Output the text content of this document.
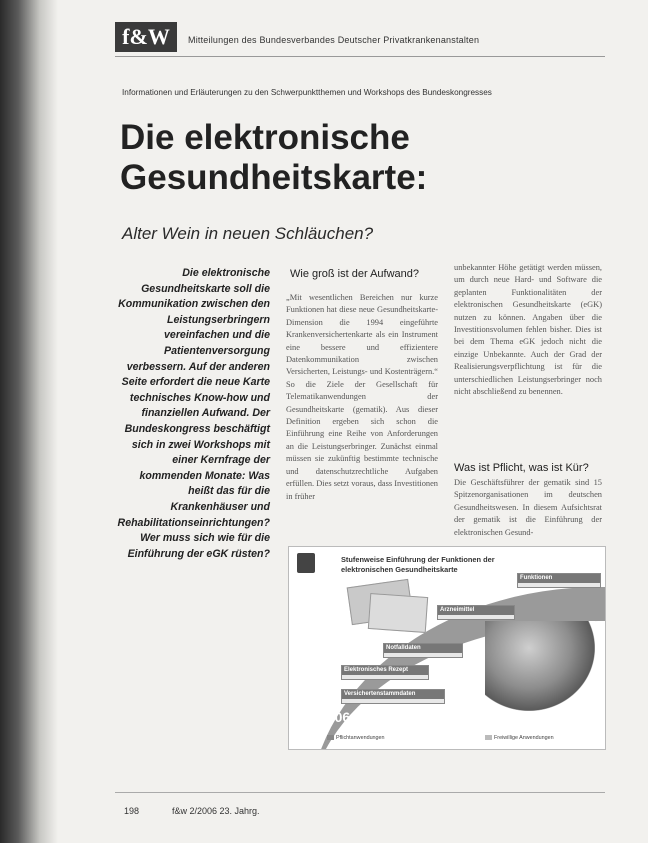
f&W	Mitteilungen des Bundesverbandes Deutscher Privatkrankenanstalten
Informationen und Erläuterungen zu den Schwerpunktthemen und Workshops des Bundeskongresses
Die elektronische Gesundheitskarte:
Alter Wein in neuen Schläuchen?

Die elektronische Gesundheitskarte soll die Kommunikation zwischen den Leistungserbringern vereinfachen und die Patientenversorgung verbessern. Auf der anderen Seite erfordert die neue Karte technisches Know-how und finanziellen Aufwand. Der Bundeskongress beschäftigt sich in zwei Workshops mit einer Kernfrage der kommenden Monate: Was heißt das für die Krankenhäuser und Rehabilitationseinrichtungen? Wer muss sich wie für die Einführung der eGK rüsten?

Wie groß ist der Aufwand?

„Mit wesentlichen Bereichen nur kurze Funktionen hat diese neue Gesundheitskarte-Dimension die 1994 eingeführte Krankenversichertenkarte als ein Instrument eine bessere und effizientere Datenkommunikation zwischen Versicherten, Leistungs- und Kostenträgern.“ So die Ziele der Gesellschaft für Telematikanwendungen der Gesundheitskarte (gematik). Aus dieser Definition ergeben sich schon die Einführung eine Reihe von Anforderungen an die Leistungserbringer. Zunächst einmal müssen sie zukünftig bestimmte technische und datenschutzrechtliche Aufgaben erfüllen. Dies setzt voraus, dass Investitionen in früher

unbekannter Höhe getätigt werden müssen, um durch neue Hard- und Software die geplanten Funktionalitäten der elektronischen Gesundheitskarte (eGK) nutzen zu können. Angaben über die Investitionsvolumen fehlen bisher. Dies ist bei dem Thema eGK jedoch nicht die einzige Unbekannte. Auch der Grad der Realisierungsverpflichtung ist für die unterschiedlichen Leistungserbringer noch nicht abschließend zu benennen.

Was ist Pflicht, was ist Kür?

Die Geschäftsführer der gematik sind 15 Spitzenorganisationen im deutschen Gesundheitswesen. In diesem Aufsichtsrat der gematik ist die Einführung der elektronischen Gesund-

Stufenweise Einführung der Funktionen der elektronischen Gesundheitskarte
Funktionen
Arzneimittel
Notfalldaten
Elektronisches Rezept
Versichertenstammdaten
2006
Pflichtanwendungen	Freiwillige Anwendungen
198	f&w 2/2006 23. Jahrg.
